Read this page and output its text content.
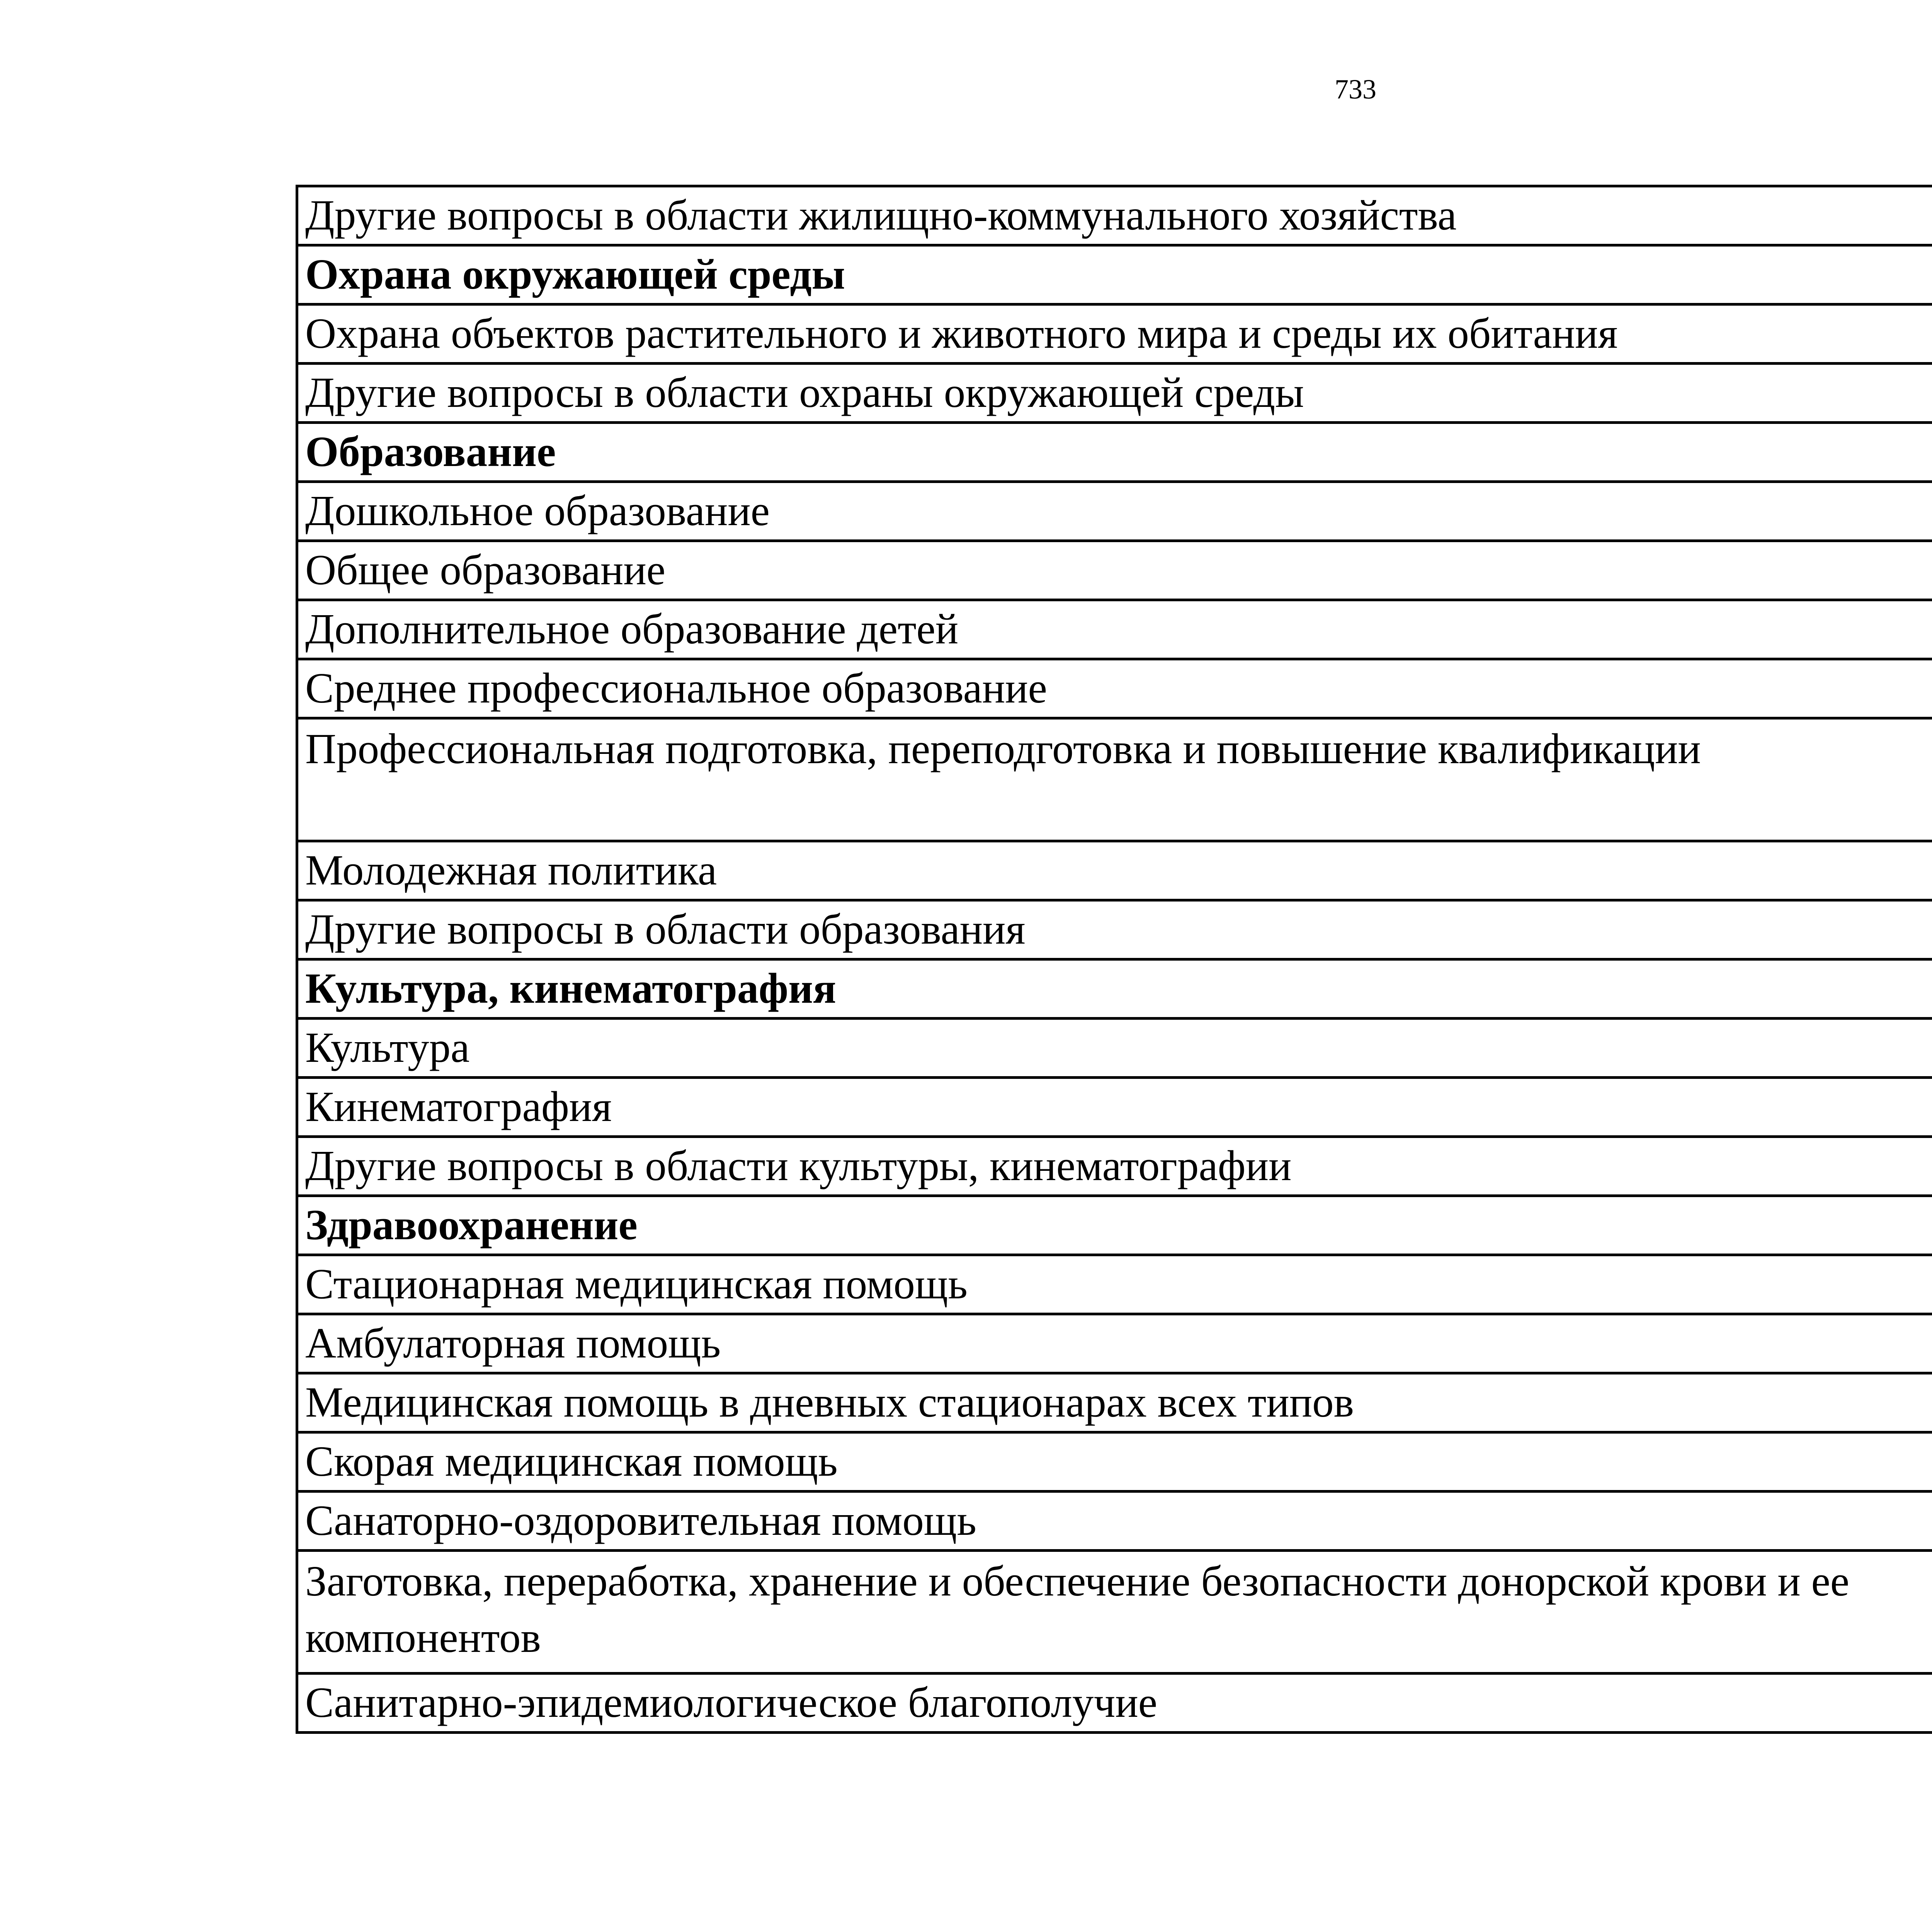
733
Другие вопросы в области жилищно-коммунального хозяйства		
Охрана окружающей среды		
Охрана объектов растительного и животного мира и среды их обитания		
Другие вопросы в области охраны окружающей среды		
Образование		
Дошкольное образование		
Общее образование		
Дополнительное образование детей		
Среднее профессиональное образование		
Профессиональная подготовка, переподготовка и повышение квалификации		
Молодежная политика		
Другие вопросы в области образования		
Культура, кинематография		
Культура		
Кинематография		
Другие вопросы в области культуры, кинематографии		
Здравоохранение		
Стационарная медицинская помощь		
Амбулаторная помощь		
Медицинская помощь в дневных стационарах всех типов		
Скорая медицинская помощь		
Санаторно-оздоровительная помощь		
Заготовка, переработка, хранение и обеспечение безопасности донорской крови и ее компонентов		
Санитарно-эпидемиологическое благополучие		
